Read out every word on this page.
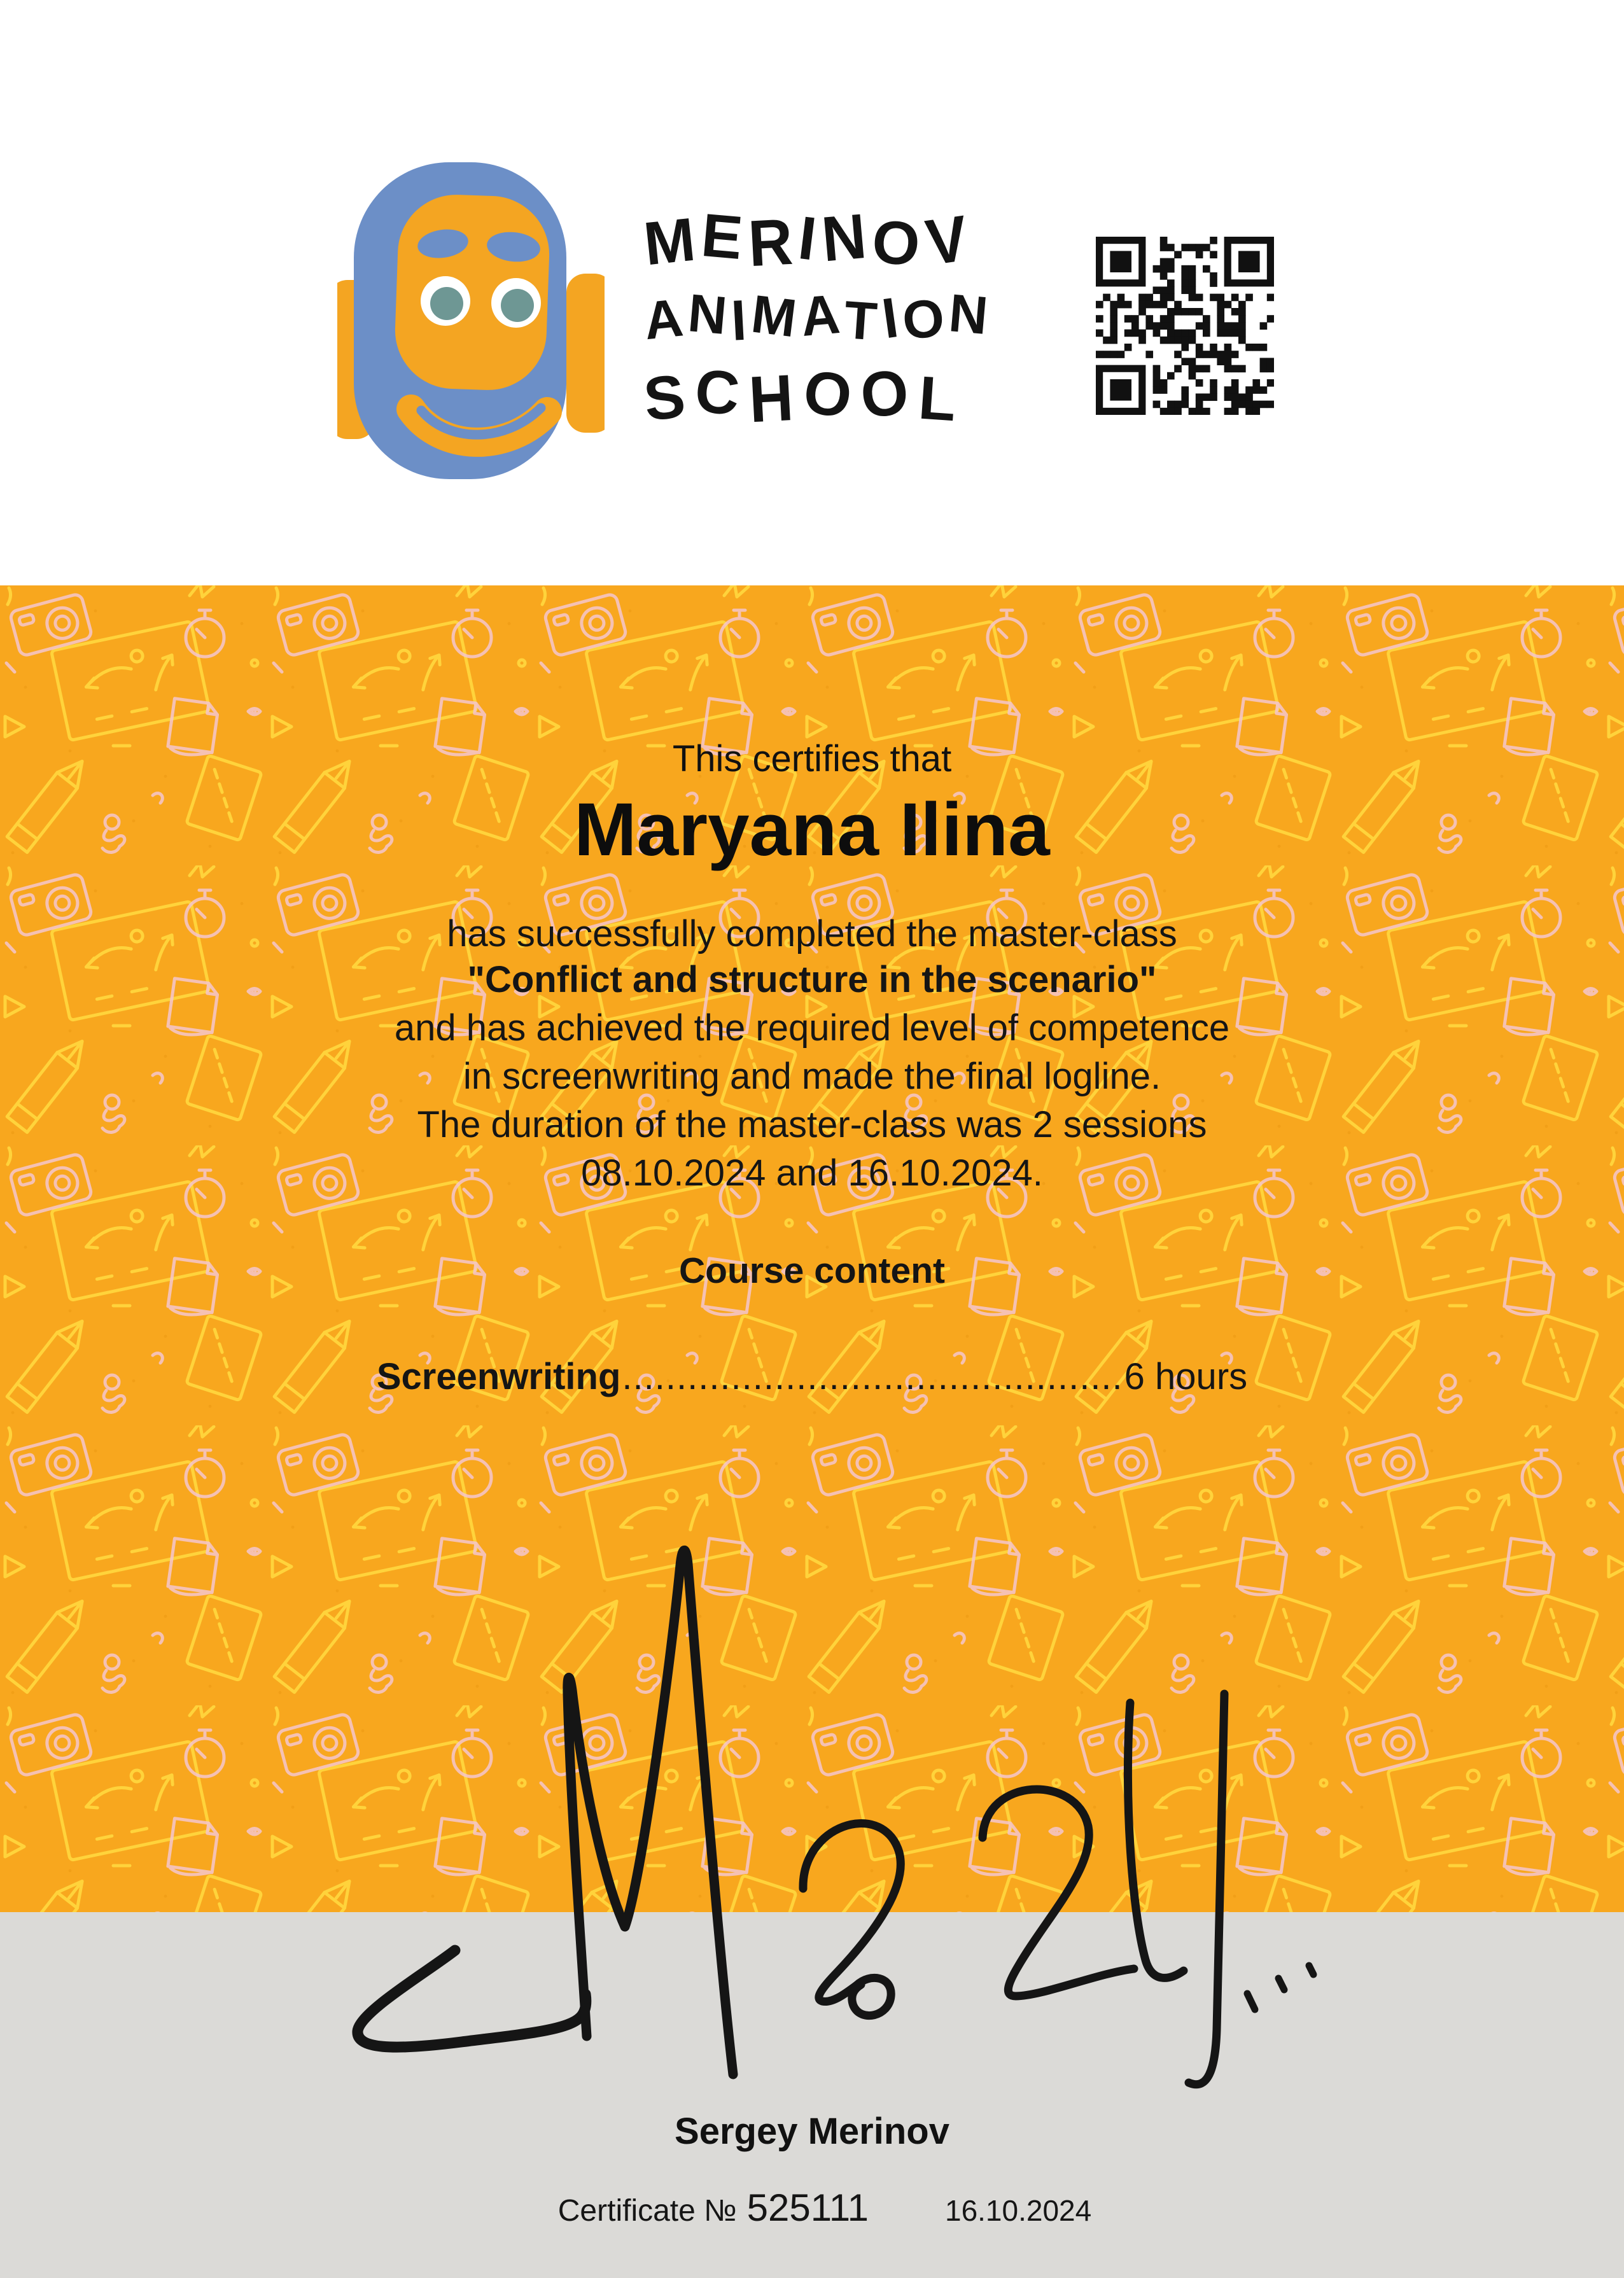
MERINOV
ANIMATION
SCHOOL
This certifies that
Maryana Ilina
has successfully completed the master-class
"Conflict and structure in the scenario"
and has achieved the required level of competence
in screenwriting and made the final logline.
The duration of the master-class was 2 sessions
08.10.2024 and 16.10.2024.
Course content
Screenwriting .............................................. 6 hours
Sergey Merinov
Certificate № 525111	16.10.2024
